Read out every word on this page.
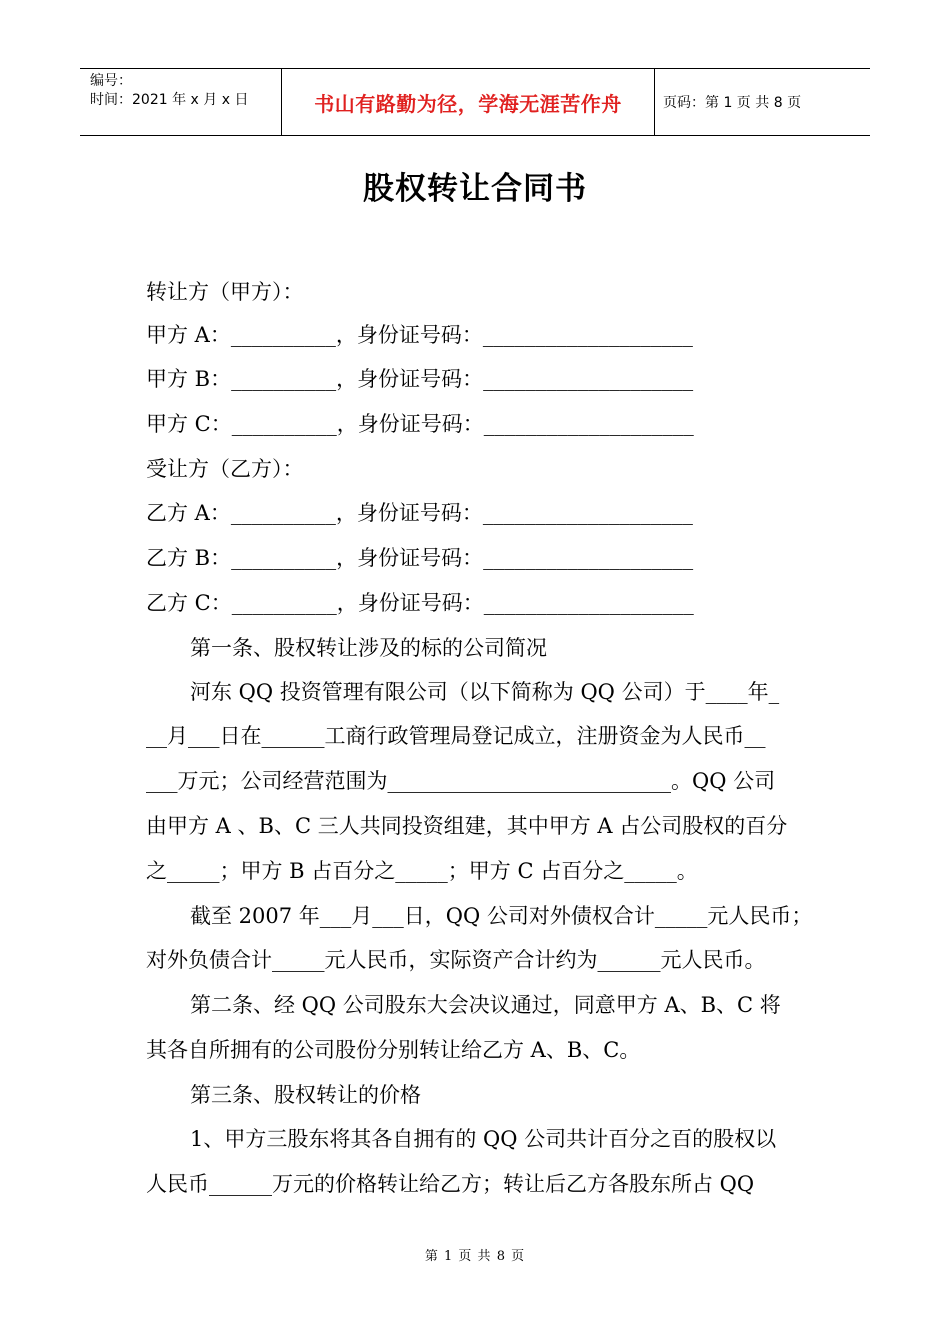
编号：
时间：2021 年 x 月 x 日	书山有路勤为径，学海无涯苦作舟	页码：第 1 页 共 8 页
股权转让合同书
转让方（甲方）：
甲方 A：__________，身份证号码：____________________
甲方 B：__________，身份证号码：____________________
甲方 C：__________，身份证号码：____________________
受让方（乙方）：
乙方 A：__________，身份证号码：____________________
乙方 B：__________，身份证号码：____________________
乙方 C：__________，身份证号码：____________________
第一条、股权转让涉及的标的公司简况
河东 QQ 投资管理有限公司（以下简称为 QQ 公司）于____年_
__月___日在______工商行政管理局登记成立，注册资金为人民币__
___万元；公司经营范围为___________________________。QQ 公司
由甲方 A 、B、C 三人共同投资组建，其中甲方 A 占公司股权的百分
之_____；甲方 B 占百分之_____；甲方 C 占百分之_____。
截至 2007 年___月___日，QQ 公司对外债权合计_____元人民币；
对外负债合计_____元人民币，实际资产合计约为______元人民币。
第二条、经 QQ 公司股东大会决议通过，同意甲方 A、B、C 将
其各自所拥有的公司股份分别转让给乙方 A、B、C。
第三条、股权转让的价格
1、甲方三股东将其各自拥有的 QQ 公司共计百分之百的股权以
人民币______万元的价格转让给乙方；转让后乙方各股东所占 QQ
第 1 页 共 8 页
